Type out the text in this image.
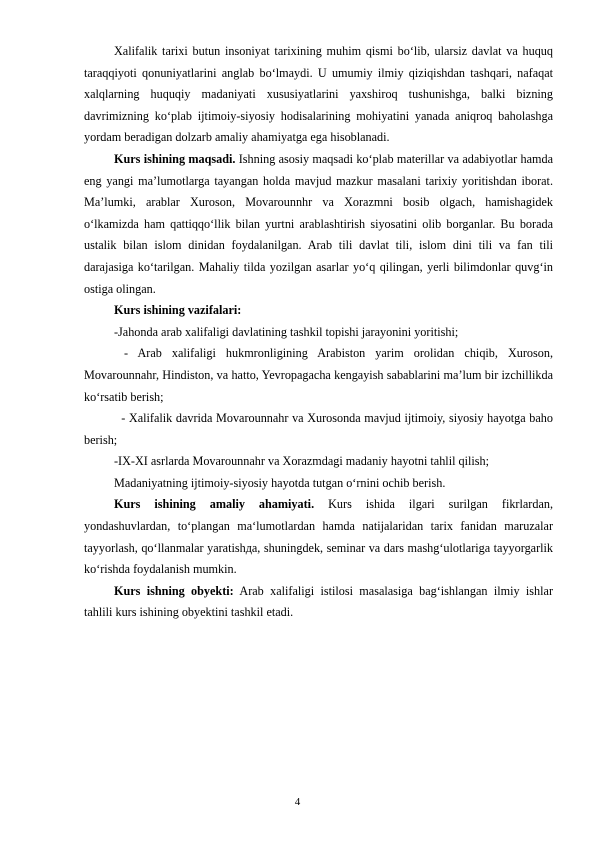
Xalifalik tarixi butun insoniyat tarixining muhim qismi bo‘lib, ularsiz davlat va huquq taraqqiyoti qonuniyatlarini anglab bo‘lmaydi. U umumiy ilmiy qiziqishdan tashqari, nafaqat xalqlarning huquqiy madaniyati xususiyatlarini yaxshiroq tushunishga, balki bizning davrimizning ko‘plab ijtimoiy-siyosiy hodisalarining mohiyatini yanada aniqroq baholashga yordam beradigan dolzarb amaliy ahamiyatga ega hisoblanadi.

Kurs ishining maqsadi. Ishning asosiy maqsadi ko‘plab materillar va adabiyotlar hamda eng yangi ma’lumotlarga tayangan holda mavjud mazkur masalani tarixiy yoritishdan iborat. Ma’lumki, arablar Xuroson, Movarounnhr va Xorazmni bosib olgach, hamishagidek o‘lkamizda ham qattiqqo‘llik bilan yurtni arablashtirish siyosatini olib borganlar. Bu borada ustalik bilan islom dinidan foydalanilgan. Arab tili davlat tili, islom dini tili va fan tili darajasiga ko‘tarilgan. Mahaliy tilda yozilgan asarlar yo‘q qilingan, yerli bilimdonlar quvg‘in ostiga olingan.

Kurs ishining vazifalari:

-Jahonda arab xalifaligi davlatining tashkil topishi jarayonini yoritishi;

- Arab xalifaligi hukmronligining Arabiston yarim orolidan chiqib, Xuroson, Movarounnahr, Hindiston, va hatto, Yevropagacha kengayish sabablarini ma’lum bir izchillikda ko‘rsatib berish;

- Xalifalik davrida Movarounnahr va Xurosonda mavjud ijtimoiy, siyosiy hayotga baho berish;

-IX-XI asrlarda Movarounnahr va Xorazmdagi madaniy hayotni tahlil qilish;

Madaniyatning ijtimoiy-siyosiy hayotda tutgan o‘rnini ochib berish.

Kurs ishining amaliy ahamiyati. Kurs ishida ilgari surilgan fikrlardan, yondashuvlardan, to‘plangan ma‘lumotlardan hamda natijalaridan tarix fanidan maruzalar tayyorlash, qo‘llanmalar yaratishда, shuningdek, seminar va dars mashg‘ulotlariga tayyorgarlik ko‘rishda foydalanish mumkin.

Kurs ishning obyekti: Arab xalifaligi istilosi masalasiga bag‘ishlangan ilmiy ishlar tahlili kurs ishining obyektini tashkil etadi.

4
